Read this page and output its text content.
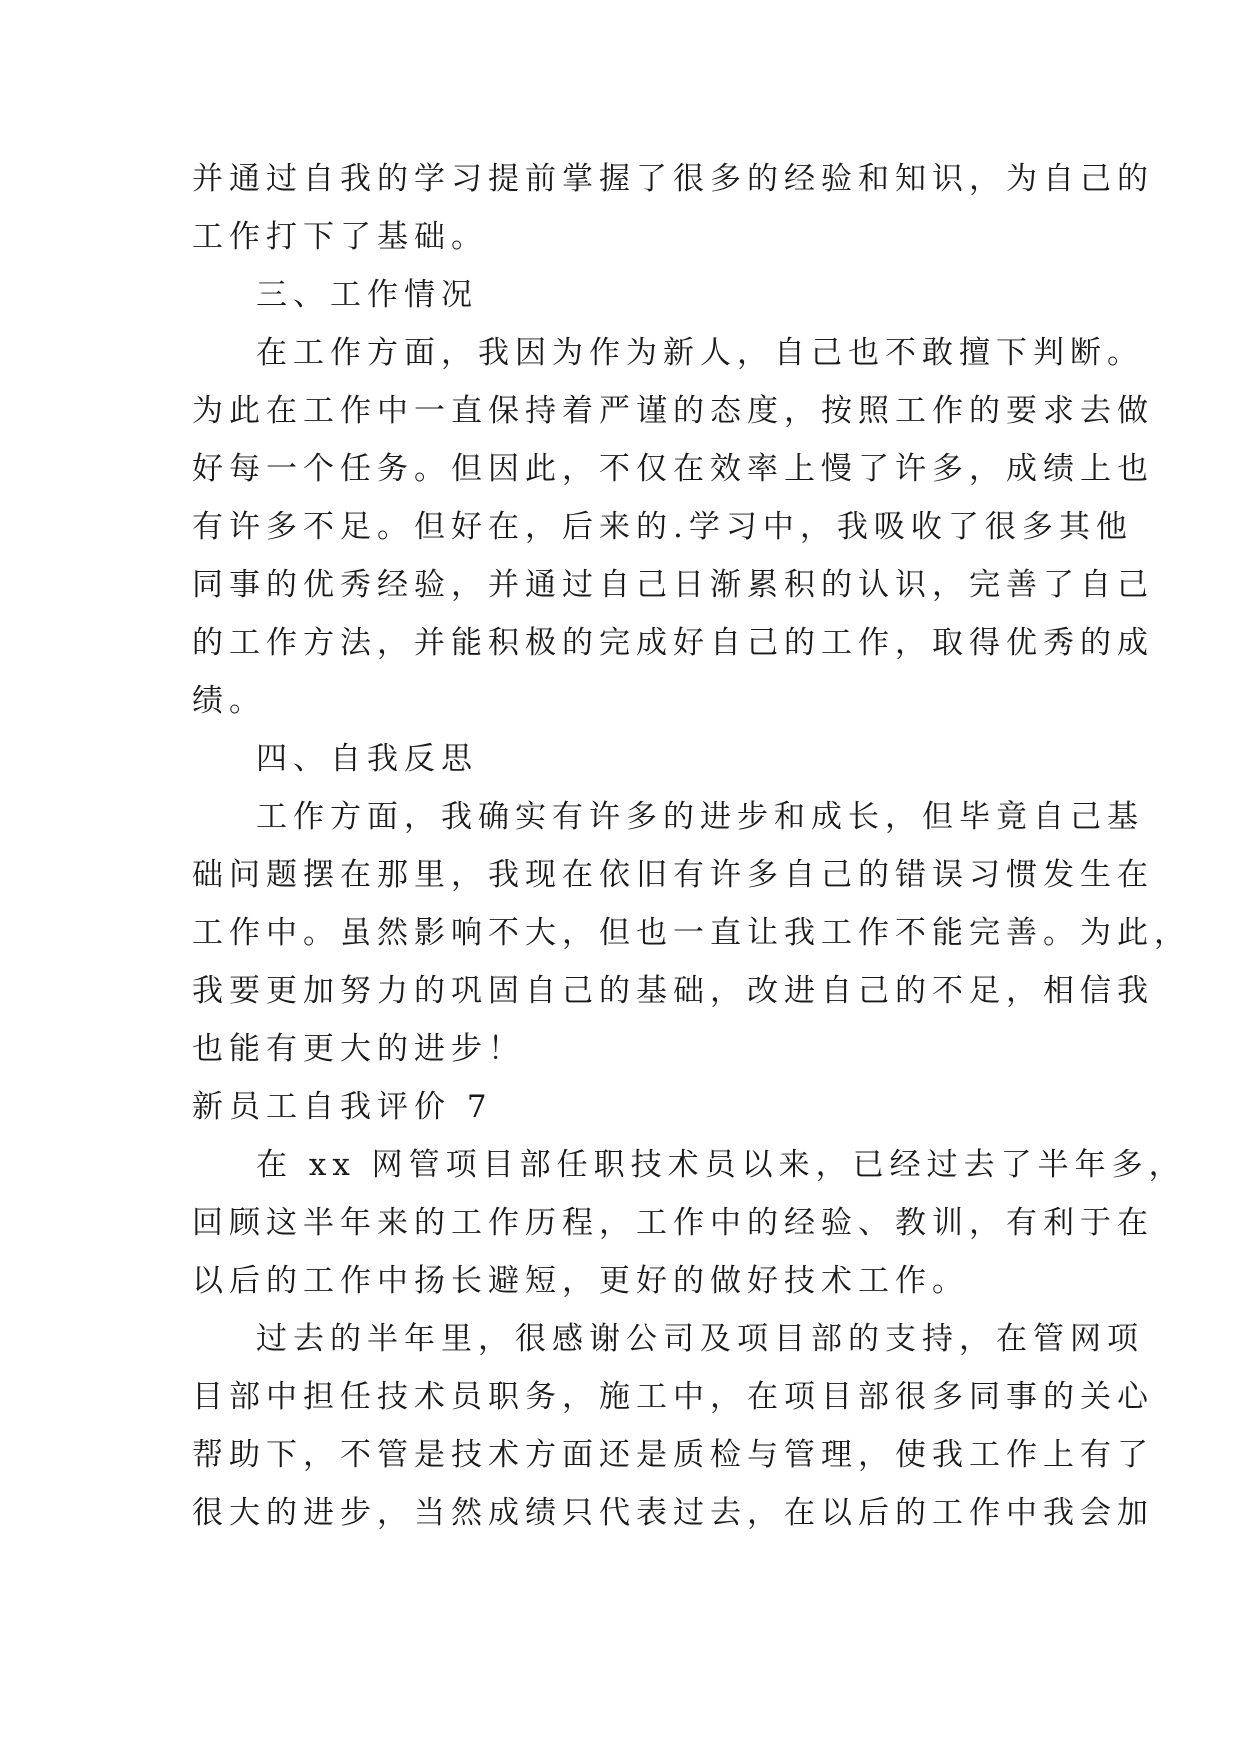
并通过自我的学习提前掌握了很多的经验和知识，为自己的
工作打下了基础。
三、工作情况
在工作方面，我因为作为新人，自己也不敢擅下判断。
为此在工作中一直保持着严谨的态度，按照工作的要求去做
好每一个任务。但因此，不仅在效率上慢了许多，成绩上也
有许多不足。但好在，后来的.学习中，我吸收了很多其他
同事的优秀经验，并通过自己日渐累积的认识，完善了自己
的工作方法，并能积极的完成好自己的工作，取得优秀的成
绩。
四、自我反思
工作方面，我确实有许多的进步和成长，但毕竟自己基
础问题摆在那里，我现在依旧有许多自己的错误习惯发生在
工作中。虽然影响不大，但也一直让我工作不能完善。为此，
我要更加努力的巩固自己的基础，改进自己的不足，相信我
也能有更大的进步！
新员工自我评价 7
在 xx 网管项目部任职技术员以来，已经过去了半年多，
回顾这半年来的工作历程，工作中的经验、教训，有利于在
以后的工作中扬长避短，更好的做好技术工作。
过去的半年里，很感谢公司及项目部的支持，在管网项
目部中担任技术员职务，施工中，在项目部很多同事的关心
帮助下，不管是技术方面还是质检与管理，使我工作上有了
很大的进步，当然成绩只代表过去，在以后的工作中我会加
